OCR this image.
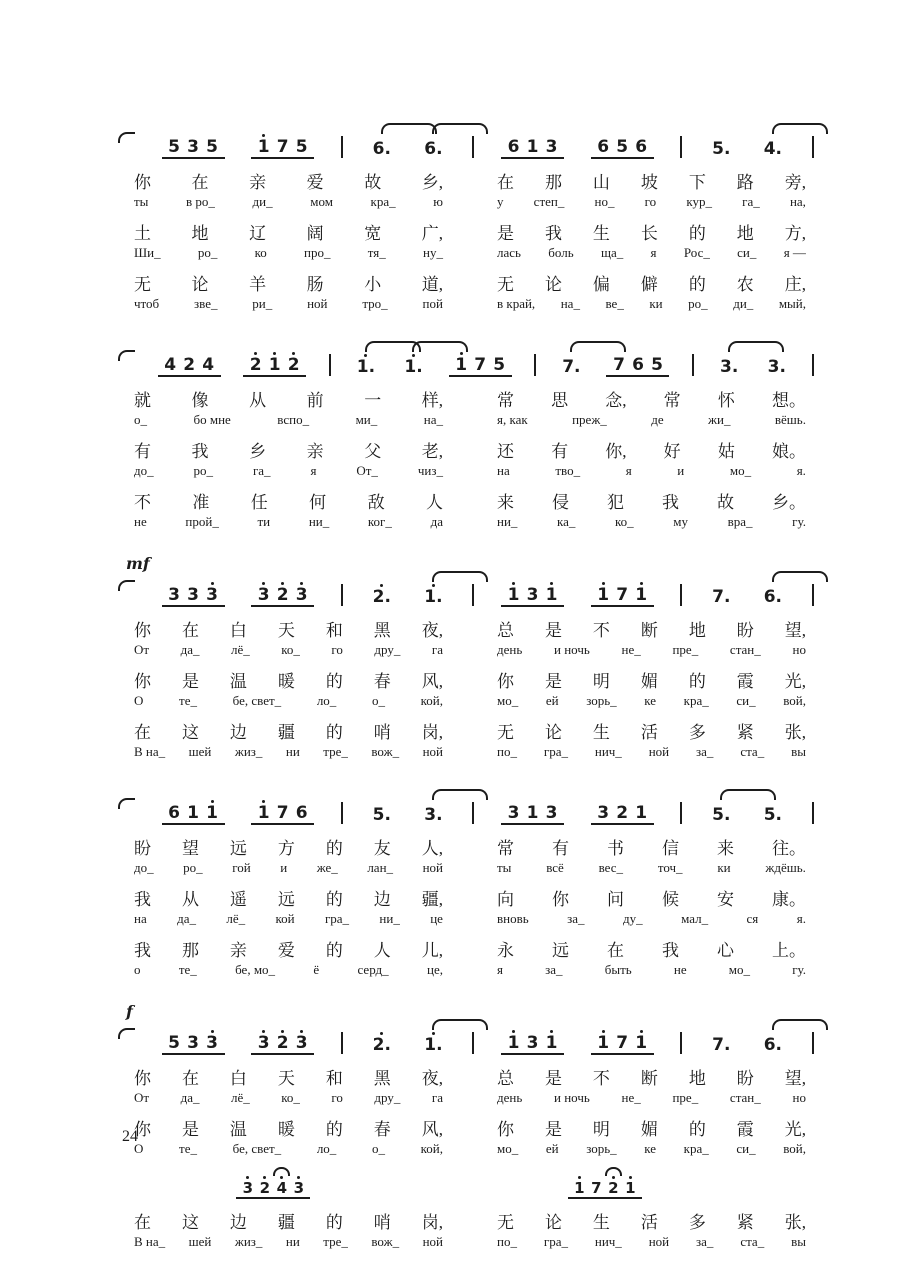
5 3 5 1 7 5	6. 6.	6 1 3 6 5 6	5. 4.
你 在 亲 爱 故 乡,	在 那 山 坡 下 路 旁,
ты	в ро_	ди_	мом	кра_	ю	у степ_ но_ го кур_ га_ на,
土 地 辽 阔 宽 广,	是 我 生 长 的 地 方,
Ши_	ро_	ко	про_	тя_	ну_	лась боль ща_ я Рос_ си_ я —
无 论 羊 肠 小 道,	无 论 偏 僻 的 农 庄,
чтоб	зве_	ри_	ной	тро_	пой	в край, на_ ве_ ки ро_ ди_ мый,
4 2 4 2 1 2	1. 1. 1 7 5	7. 7 6 5	3. 3.
就 像 从 前 一 样,	常 思 念, 常 怀 想。
о_	бо мне	вспо_	ми_	на_	я, как	преж_	де	жи_	вёшь.
有 我 乡 亲 父 老,	还 有 你, 好 姑 娘。
до_	ро_	га_	я	От_	чиз_	на	тво_	я	и	мо_	я.
不 准 任 何 敌 人	来 侵 犯 我 故 乡。
не	прой_	ти	ни_	ког_	да	ни_	ка_	ко_	му	вра_	гу.
mf
3 3 3 3 2 3	2. 1.	1 3 1 1 7 1	7. 6.
你 在 白 天 和 黑 夜,	总 是 不 断 地 盼 望,
От да_ лё_ ко_ го дру_ га	день и ночь не_ пре_ стан_ но
你 是 温 暖 的 春 风,	你 是 明 媚 的 霞 光,
О	те_	бе, свет_	ло_	о_	кой,	мо_ ей зорь_ ке кра_ си_ вой,
在 这 边 疆 的 哨 岗,	无 论 生 活 多 紧 张,
В на_ шей жиз_ ни тре_ вож_ ной	по_ гра_ нич_ ной за_ ста_ вы
6 1 1 1 7 6	5. 3.	3 1 3 3 2 1	5. 5.
盼 望 远 方 的 友 人,	常 有 书 信 来 往。
до_ ро_ гой и же_ лан_ ной	ты	всё	вес_	точ_	ки	ждёшь.
我 从 遥 远 的 边 疆,	向 你 问 候 安 康。
на да_ лё_ кой гра_ ни_ це	вновь	за_	ду_	мал_	ся	я.
我 那 亲 爱 的 人 儿,	永 远 在 我 心 上。
о	те_	бе, мо_	ё	серд_	це,	я	за_	быть	не	мо_	гу.
f
5 3 3 3 2 3	2. 1.	1 3 1 1 7 1	7. 6.
你 在 白 天 和 黑 夜,	总 是 不 断 地 盼 望,
От да_ лё_ ко_ го дру_ га	день и ночь не_ пре_ стан_ но
你 是 温 暖 的 春 风,	你 是 明 媚 的 霞 光,
О	те_	бе, свет_	ло_	о_	кой,	мо_ ей зорь_ ке кра_ си_ вой,
3 2 4 3	1 7 2 1
在 这 边 疆 的 哨 岗,	无 论 生 活 多 紧 张,
В на_ шей жиз_ ни тре_ вож_ ной	по_ гра_ нич_ ной за_ ста_ вы
24
